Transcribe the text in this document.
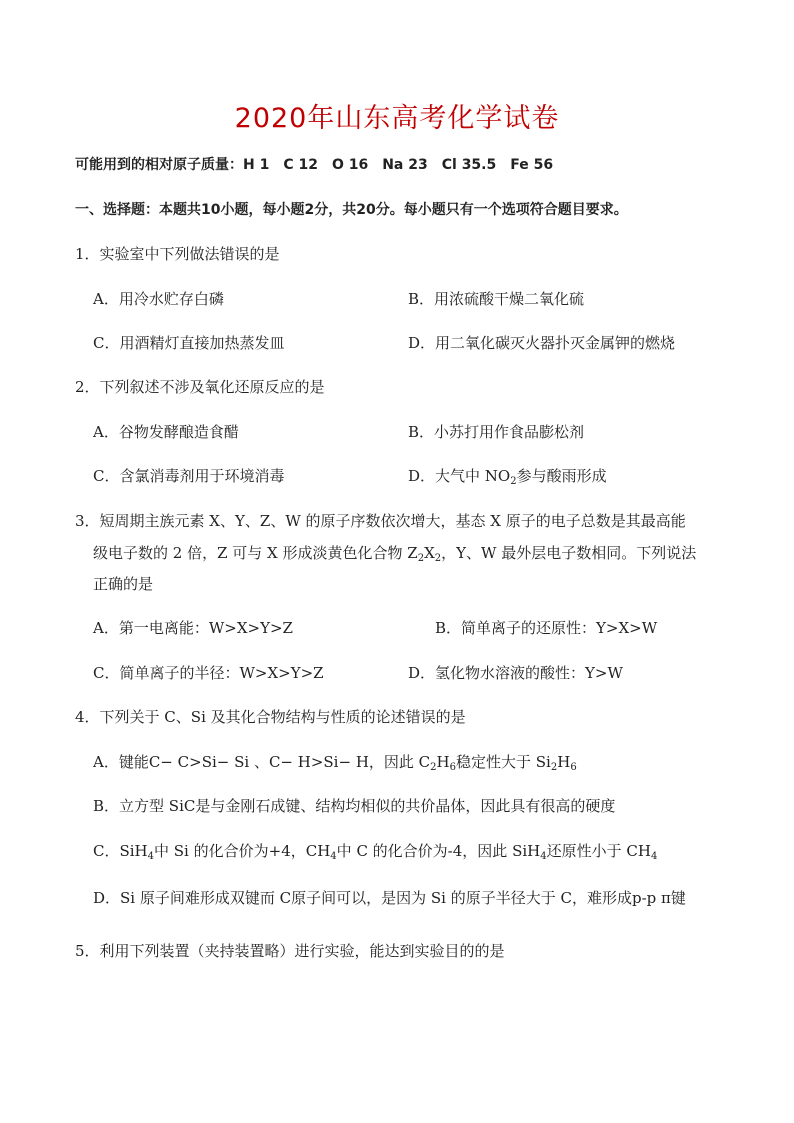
2020年山东高考化学试卷
可能用到的相对原子质量：H 1　C 12　O 16　Na 23　Cl 35.5　Fe 56
一、选择题：本题共10小题，每小题2分，共20分。每小题只有一个选项符合题目要求。
1．实验室中下列做法错误的是
A．用冷水贮存白磷	B．用浓硫酸干燥二氧化硫
C．用酒精灯直接加热蒸发皿	D．用二氧化碳灭火器扑灭金属钾的燃烧
2．下列叙述不涉及氧化还原反应的是
A．谷物发酵酿造食醋	B．小苏打用作食品膨松剂
C．含氯消毒剂用于环境消毒	D．大气中 $NO_2$参与酸雨形成
3．短周期主族元素 X、Y、Z、W 的原子序数依次增大，基态 X 原子的电子总数是其最高能
级电子数的 2 倍，Z 可与 X 形成淡黄色化合物 $Z_2X_2$，Y、W 最外层电子数相同。下列说法
正确的是
A．第一电离能：W>X>Y>Z	B．简单离子的还原性：Y>X>W
C．简单离子的半径：W>X>Y>Z	D．氢化物水溶液的酸性：Y>W
4．下列关于 C、Si 及其化合物结构与性质的论述错误的是
A．键能C− C>Si− Si 、C− H>Si− H，因此 $C_2H_6$稳定性大于 $Si_2H_6$
B．立方型 SiC是与金刚石成键、结构均相似的共价晶体，因此具有很高的硬度
C．SiH$_4$中 Si 的化合价为+4，$CH_4$中 C 的化合价为-4，因此 SiH$_4$还原性小于 $CH_4$
D．Si 原子间难形成双键而 C原子间可以，是因为 Si 的原子半径大于 C，难形成p-p π键
5．利用下列装置（夹持装置略）进行实验，能达到实验目的的是
